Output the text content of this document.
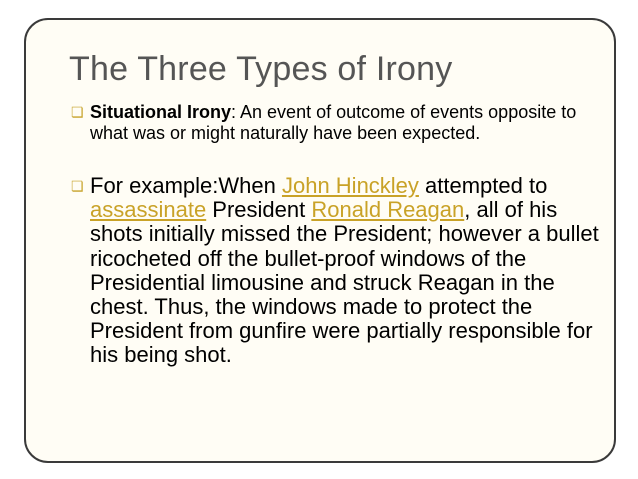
The Three Types of Irony
❏ Situational Irony: An event of outcome of events opposite to what was or might naturally have been expected.
❏ For example:When John Hinckley attempted to assassinate President Ronald Reagan, all of his shots initially missed the President; however a bullet ricocheted off the bullet-proof windows of the Presidential limousine and struck Reagan in the chest. Thus, the windows made to protect the President from gunfire were partially responsible for his being shot.
